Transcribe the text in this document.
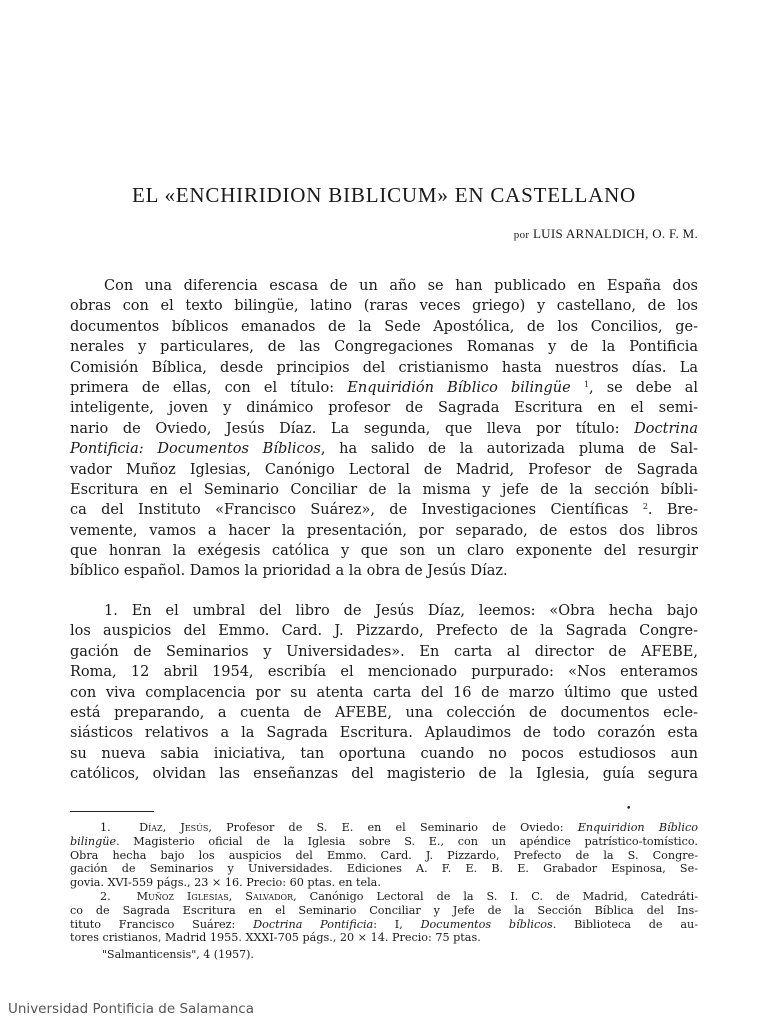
EL «ENCHIRIDION BIBLICUM» EN CASTELLANO
por LUIS ARNALDICH, O. F. M.
Con una diferencia escasa de un año se han publicado en España dos
obras con el texto bilingüe, latino (raras veces griego) y castellano, de los
documentos bíblicos emanados de la Sede Apostólica, de los Concilios, ge-
nerales y particulares, de las Congregaciones Romanas y de la Pontificia
Comisión Bíblica, desde principios del cristianismo hasta nuestros días. La
primera de ellas, con el título: Enquiridión Bíblico bilingüe $^1$, se debe al
inteligente, joven y dinámico profesor de Sagrada Escritura en el semi-
nario de Oviedo, Jesús Díaz. La segunda, que lleva por título: Doctrina
Pontificia: Documentos Bíblicos, ha salido de la autorizada pluma de Sal-
vador Muñoz Iglesias, Canónigo Lectoral de Madrid, Profesor de Sagrada
Escritura en el Seminario Conciliar de la misma y jefe de la sección bíbli-
ca del Instituto «Francisco Suárez», de Investigaciones Científicas $^2$. Bre-
vemente, vamos a hacer la presentación, por separado, de estos dos libros
que honran la exégesis católica y que son un claro exponente del resurgir
bíblico español. Damos la prioridad a la obra de Jesús Díaz.
1. En el umbral del libro de Jesús Díaz, leemos: «Obra hecha bajo
los auspicios del Emmo. Card. J. Pizzardo, Prefecto de la Sagrada Congre-
gación de Seminarios y Universidades». En carta al director de AFEBE,
Roma, 12 abril 1954, escribía el mencionado purpurado: «Nos enteramos
con viva complacencia por su atenta carta del 16 de marzo último que usted
está preparando, a cuenta de AFEBE, una colección de documentos ecle-
siásticos relativos a la Sagrada Escritura. Aplaudimos de todo corazón esta
su nueva sabia iniciativa, tan oportuna cuando no pocos estudiosos aun
católicos, olvidan las enseñanzas del magisterio de la Iglesia, guía segura
•
1.	Díaz, Jesús, Profesor de S. E. en el Seminario de Oviedo: Enquiridion Bíblico
bilingüe. Magisterio oficial de la Iglesia sobre S. E., con un apéndice patrístico-tomístico.
Obra hecha bajo los auspicios del Emmo. Card. J. Pizzardo, Prefecto de la S. Congre-
gación de Seminarios y Universidades. Ediciones A. F. E. B. E. Grabador Espinosa, Se-
govia. XVI-559 págs., 23 × 16. Precio: 60 ptas. en tela.
2. Muñoz Iglesias, Salvador, Canónigo Lectoral de la S. I. C. de Madrid, Catedráti-
co de Sagrada Escritura en el Seminario Conciliar y Jefe de la Sección Bíblica del Ins-
tituto Francisco Suárez: Doctrina Pontificia: I, Documentos bíblicos. Biblioteca de au-
tores cristianos, Madrid 1955. XXXI-705 págs., 20 × 14. Precio: 75 ptas.
"Salmanticensis", 4 (1957).
Universidad Pontificia de Salamanca
